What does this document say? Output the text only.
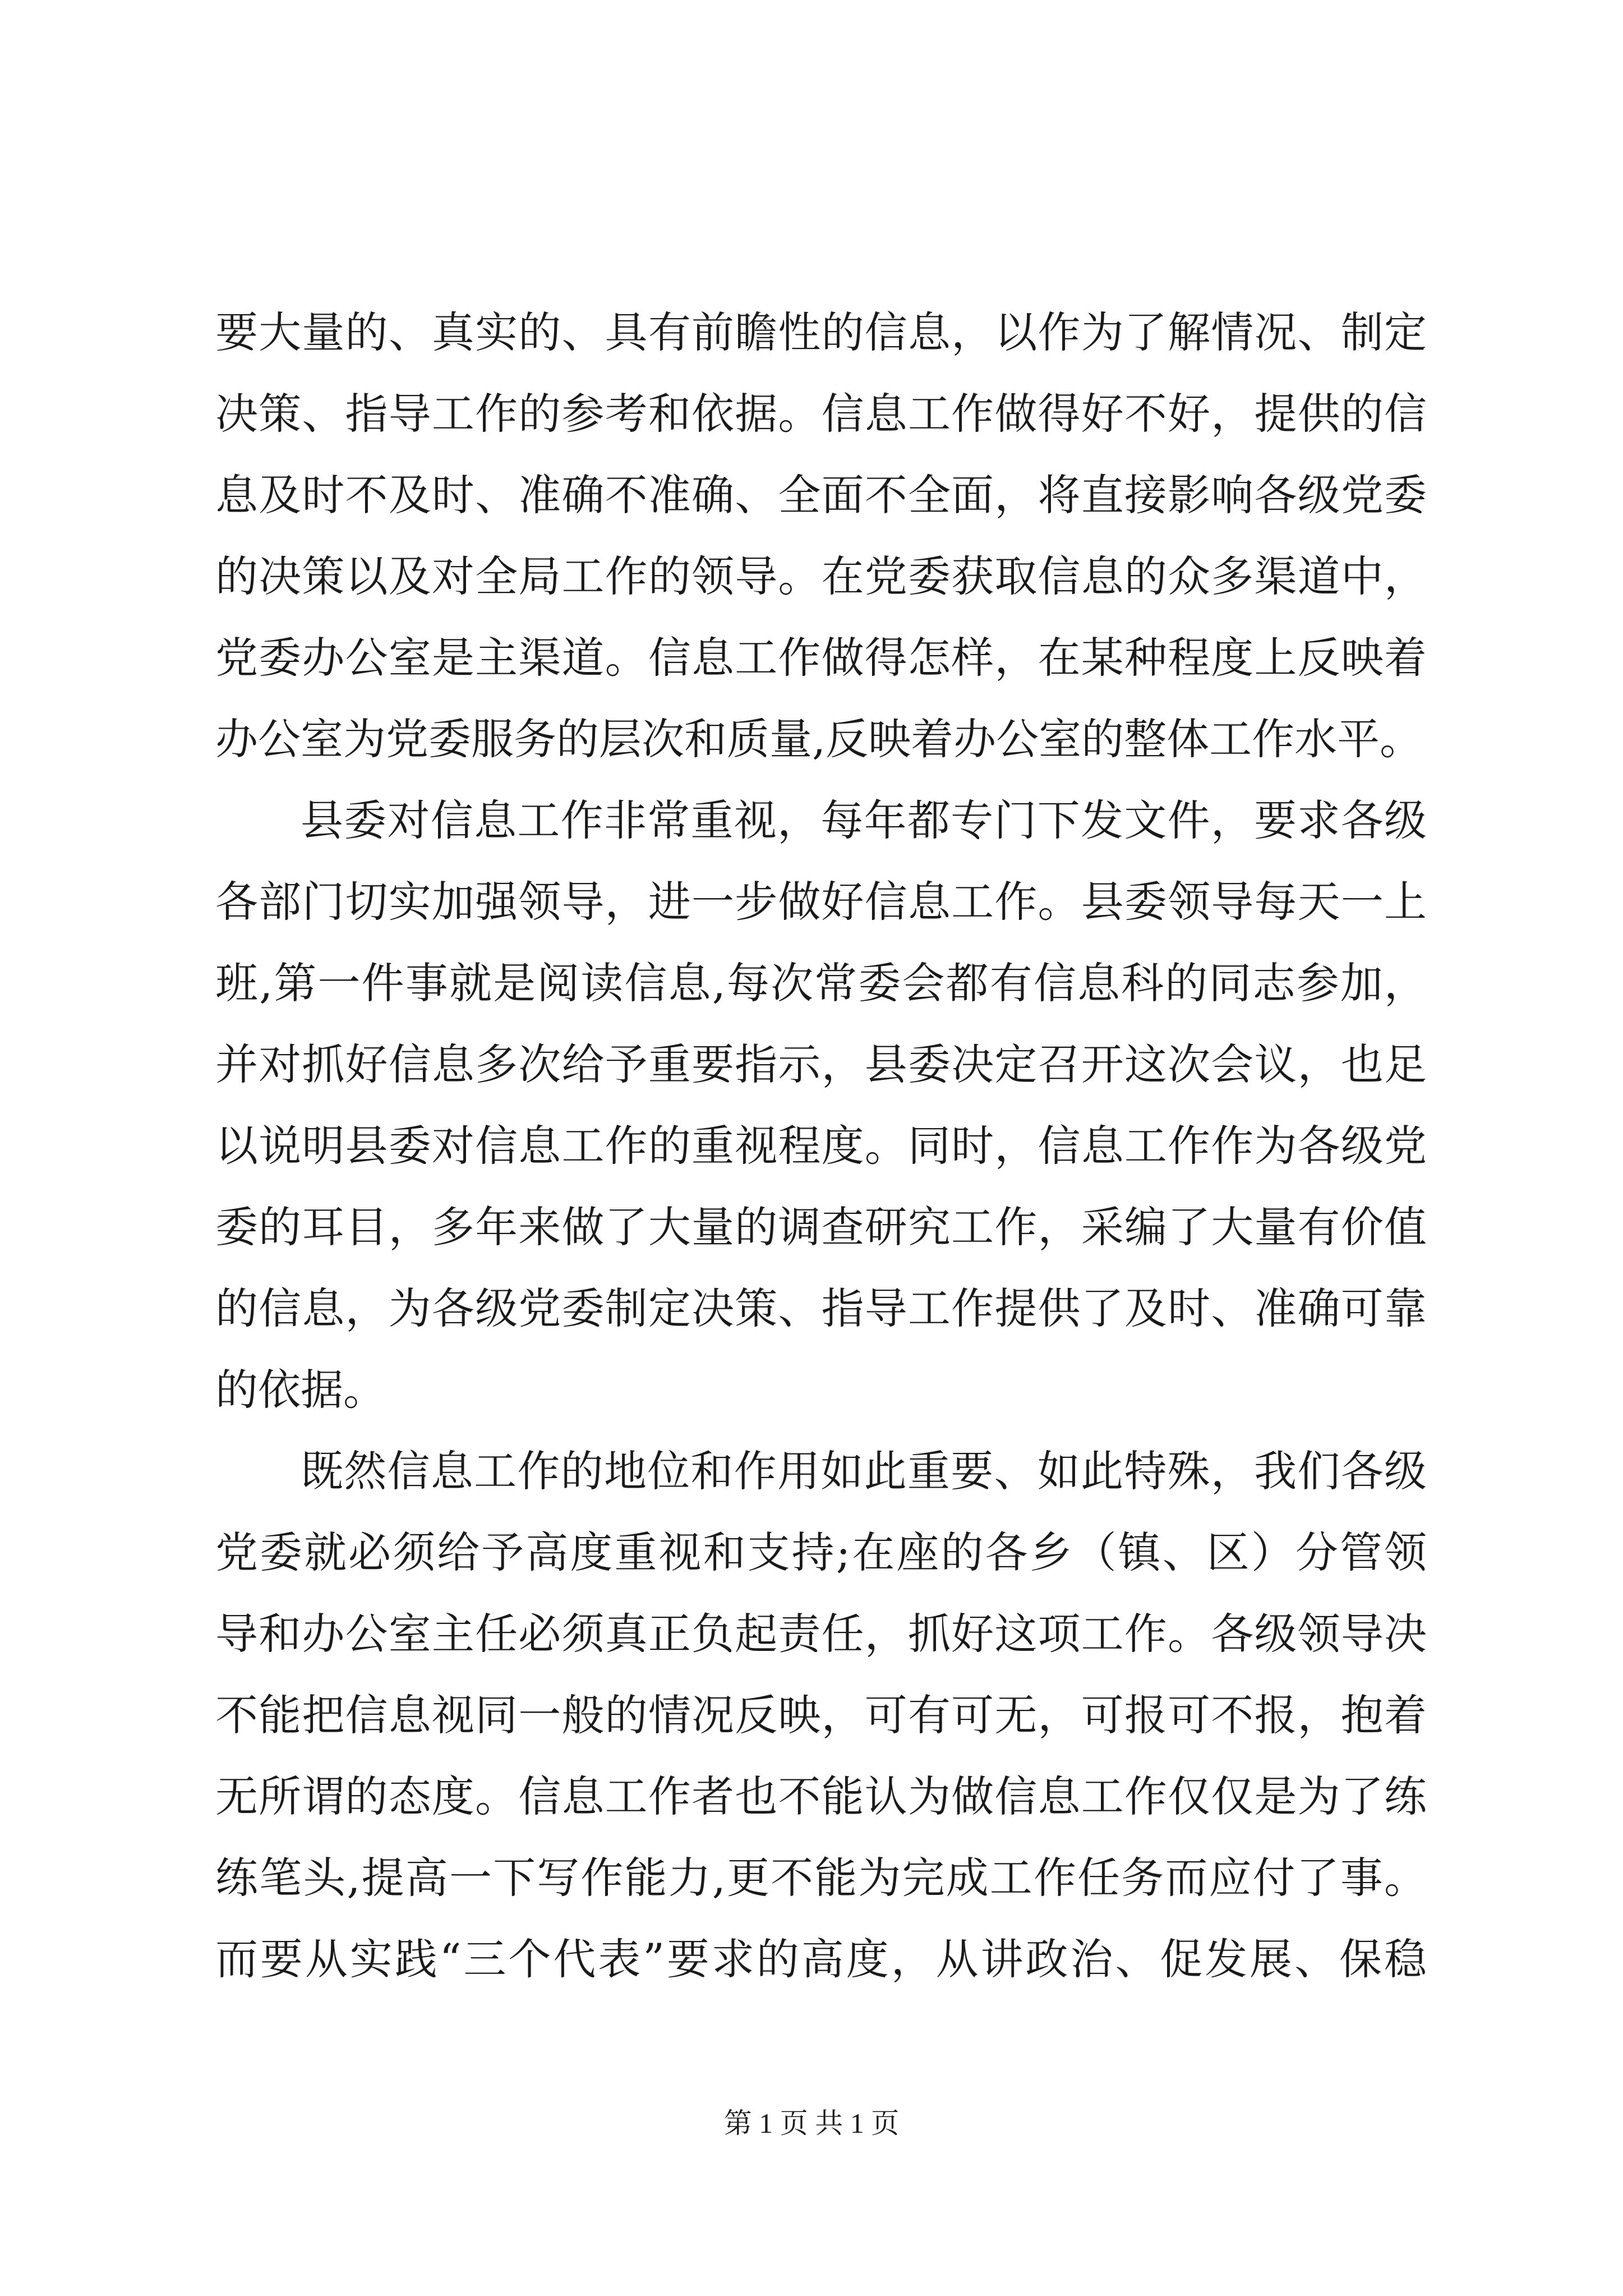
要大量的、真实的、具有前瞻性的信息，以作为了解情况、制定
决策、指导工作的参考和依据。信息工作做得好不好，提供的信
息及时不及时、准确不准确、全面不全面，将直接影响各级党委
的决策以及对全局工作的领导。在党委获取信息的众多渠道中，
党委办公室是主渠道。信息工作做得怎样，在某种程度上反映着
办公室为党委服务的层次和质量,反映着办公室的整体工作水平。
县委对信息工作非常重视，每年都专门下发文件，要求各级
各部门切实加强领导，进一步做好信息工作。县委领导每天一上
班,第一件事就是阅读信息,每次常委会都有信息科的同志参加，
并对抓好信息多次给予重要指示，县委决定召开这次会议，也足
以说明县委对信息工作的重视程度。同时，信息工作作为各级党
委的耳目，多年来做了大量的调查研究工作，采编了大量有价值
的信息，为各级党委制定决策、指导工作提供了及时、准确可靠
的依据。
既然信息工作的地位和作用如此重要、如此特殊，我们各级
党委就必须给予高度重视和支持;在座的各乡（镇、区）分管领
导和办公室主任必须真正负起责任，抓好这项工作。各级领导决
不能把信息视同一般的情况反映，可有可无，可报可不报，抱着
无所谓的态度。信息工作者也不能认为做信息工作仅仅是为了练
练笔头,提高一下写作能力,更不能为完成工作任务而应付了事。
而要从实践“三个代表”要求的高度，从讲政治、促发展、保稳
第 1 页 共 1 页
